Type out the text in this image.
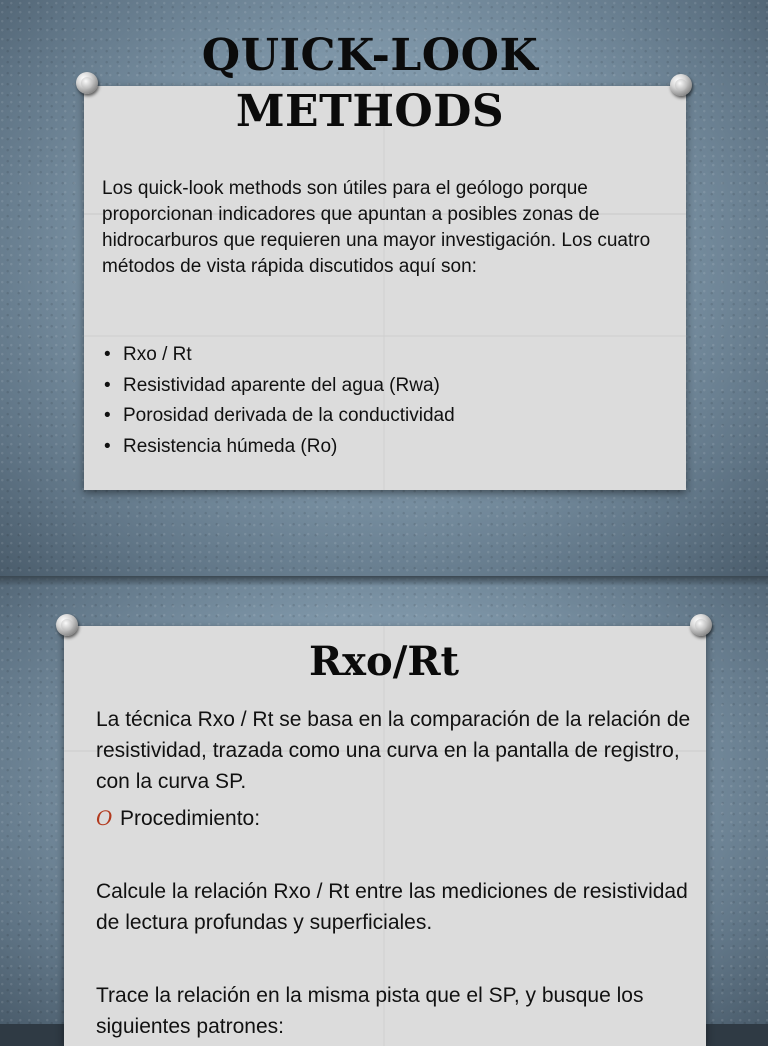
QUICK-LOOK
METHODS

Los quick-look methods son útiles para el geólogo porque proporcionan indicadores que apuntan a posibles zonas de hidrocarburos que requieren una mayor investigación. Los cuatro métodos de vista rápida discutidos aquí son:

• Rxo / Rt
• Resistividad aparente del agua (Rwa)
• Porosidad derivada de la conductividad
• Resistencia húmeda (Ro)
Rxo/Rt

La técnica Rxo / Rt se basa en la comparación de la relación de resistividad, trazada como una curva en la pantalla de registro, con la curva SP.

O Procedimiento:

Calcule la relación Rxo / Rt entre las mediciones de resistividad de lectura profundas y superficiales.

Trace la relación en la misma pista que el SP, y busque los siguientes patrones:
